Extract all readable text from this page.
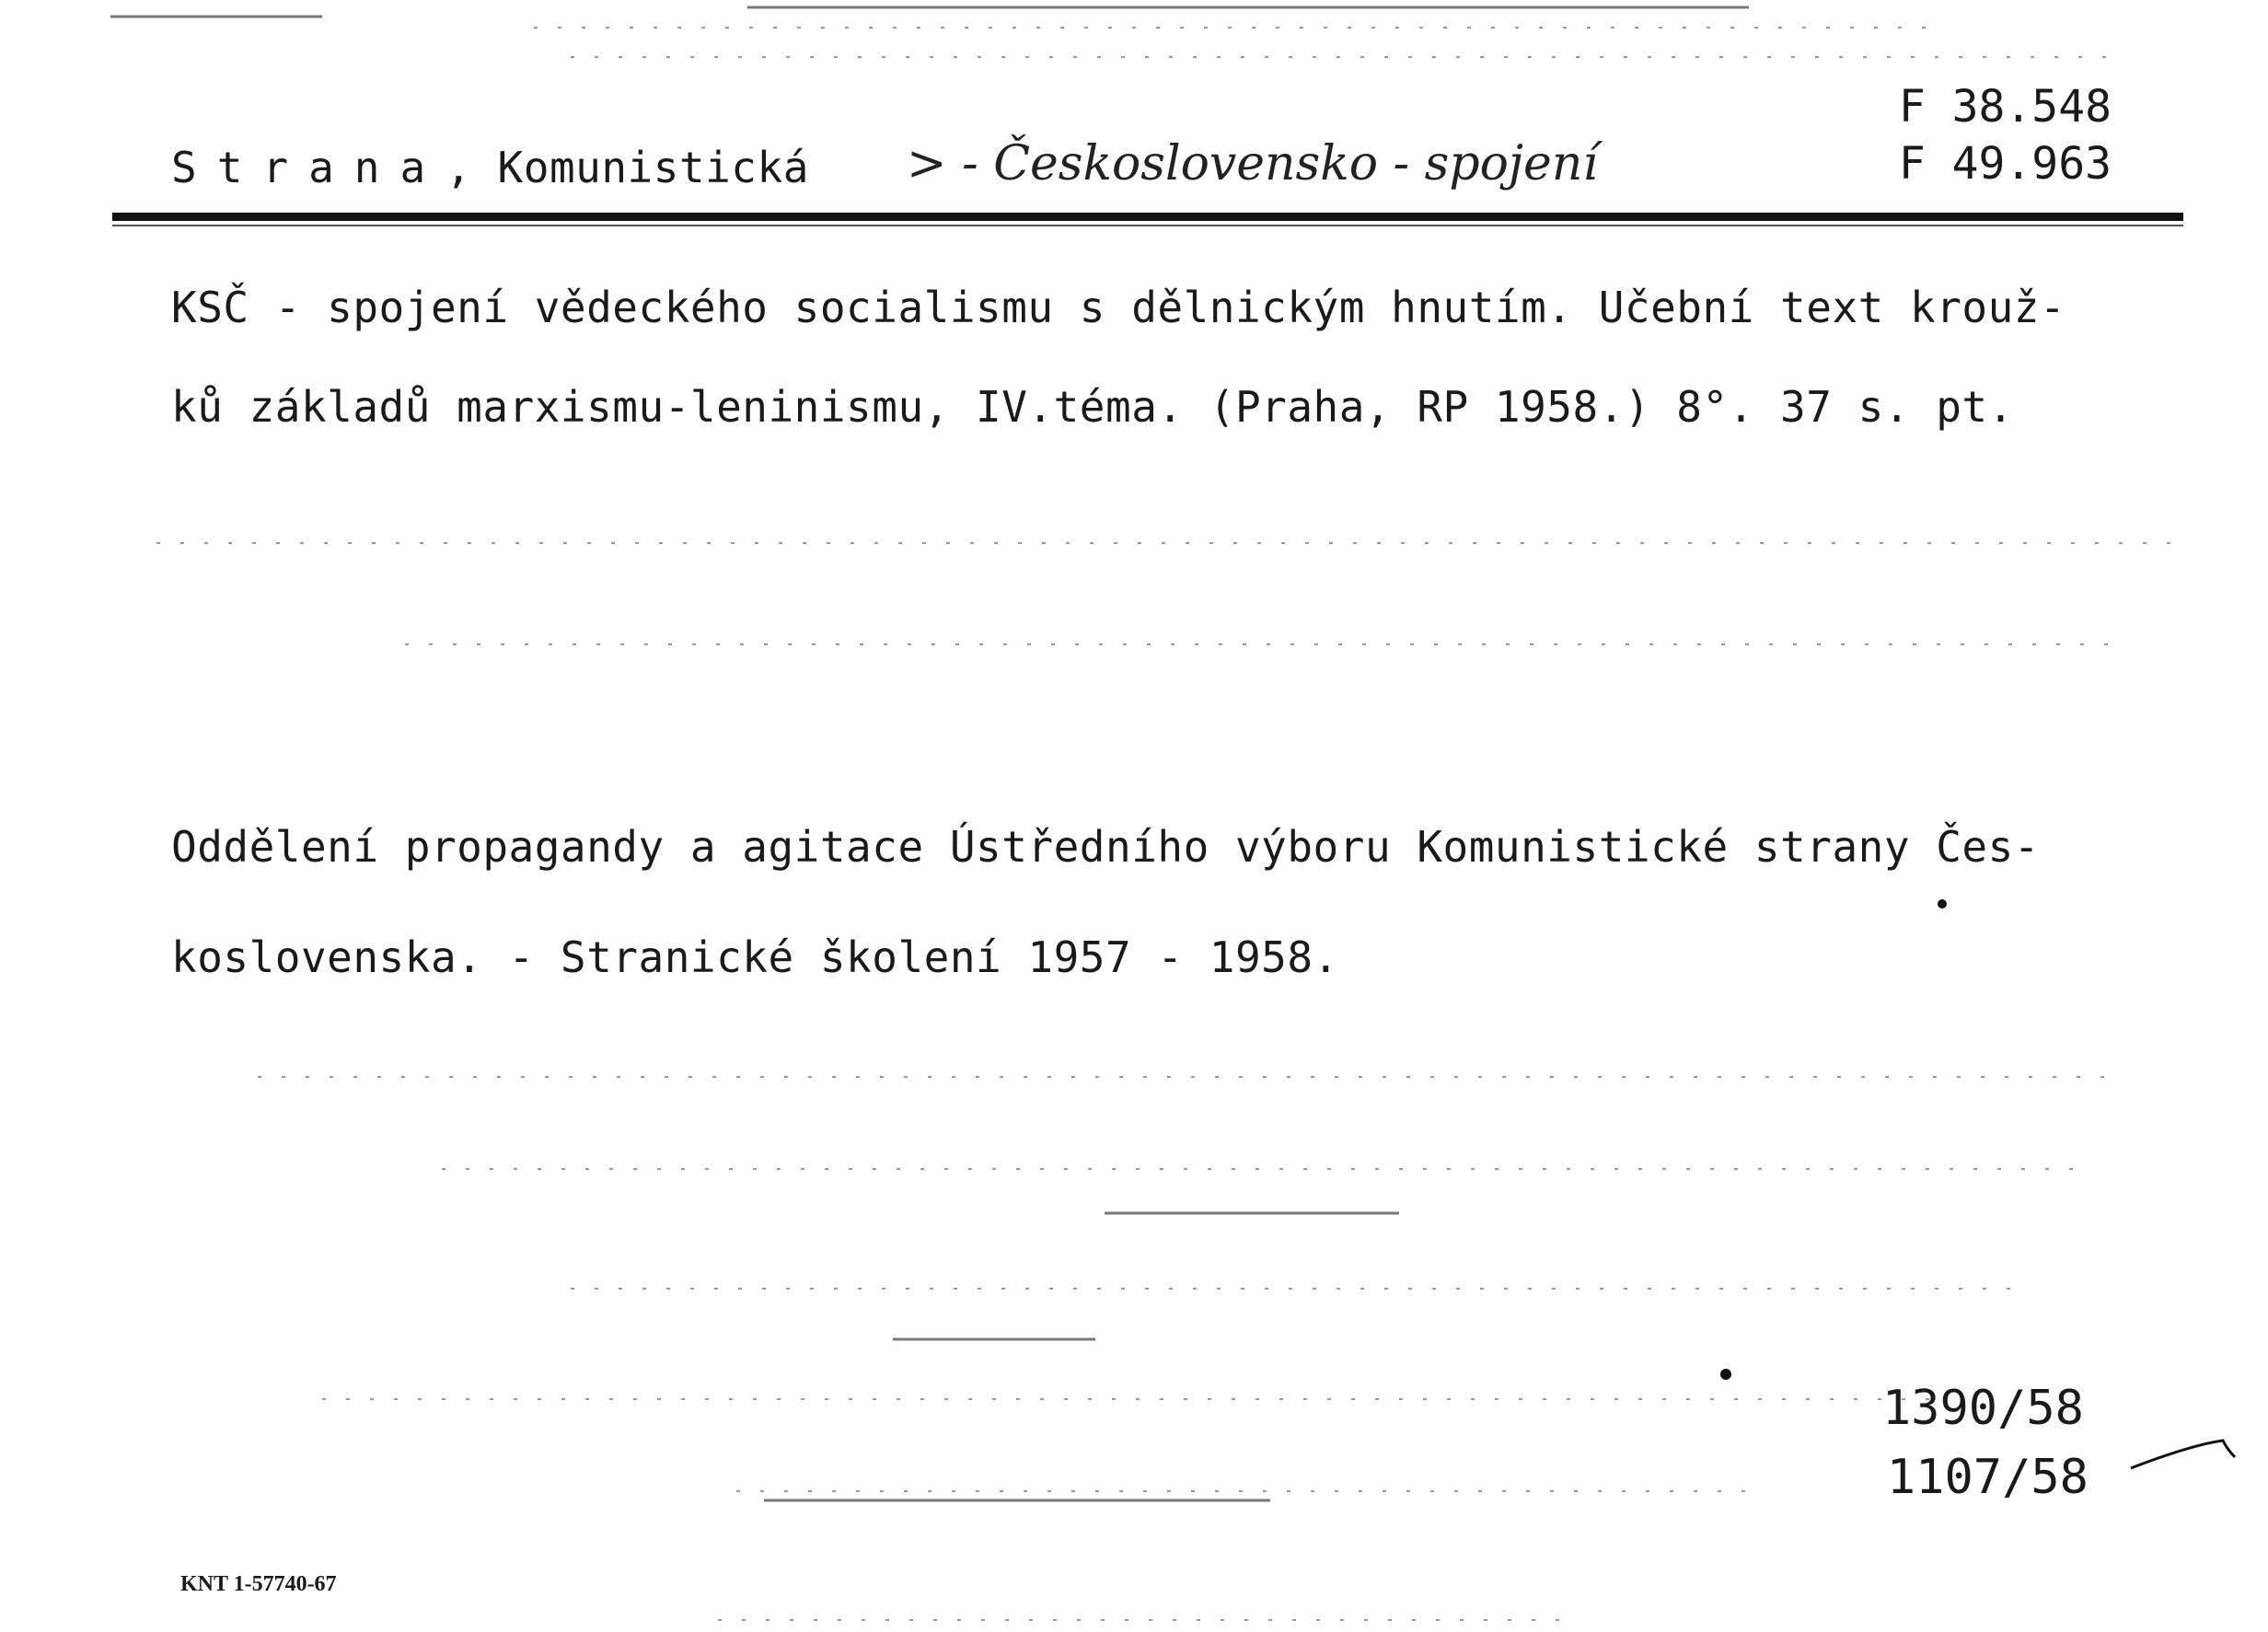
F 38.548
F 49.963
Strana, Komunistická > - Československo - spojení
KSČ - spojení vědeckého socialismu s dělnickým hnutím. Učební text krouž-
ků základů marxismu-leninismu, IV.téma. (Praha, RP 1958.) 8°. 37 s. pt.
Oddělení propagandy a agitace Ústředního výboru Komunistické strany Čes-
koslovenska. - Stranické školení 1957 - 1958.
1390/58
1107/58
KNT 1-57740-67
